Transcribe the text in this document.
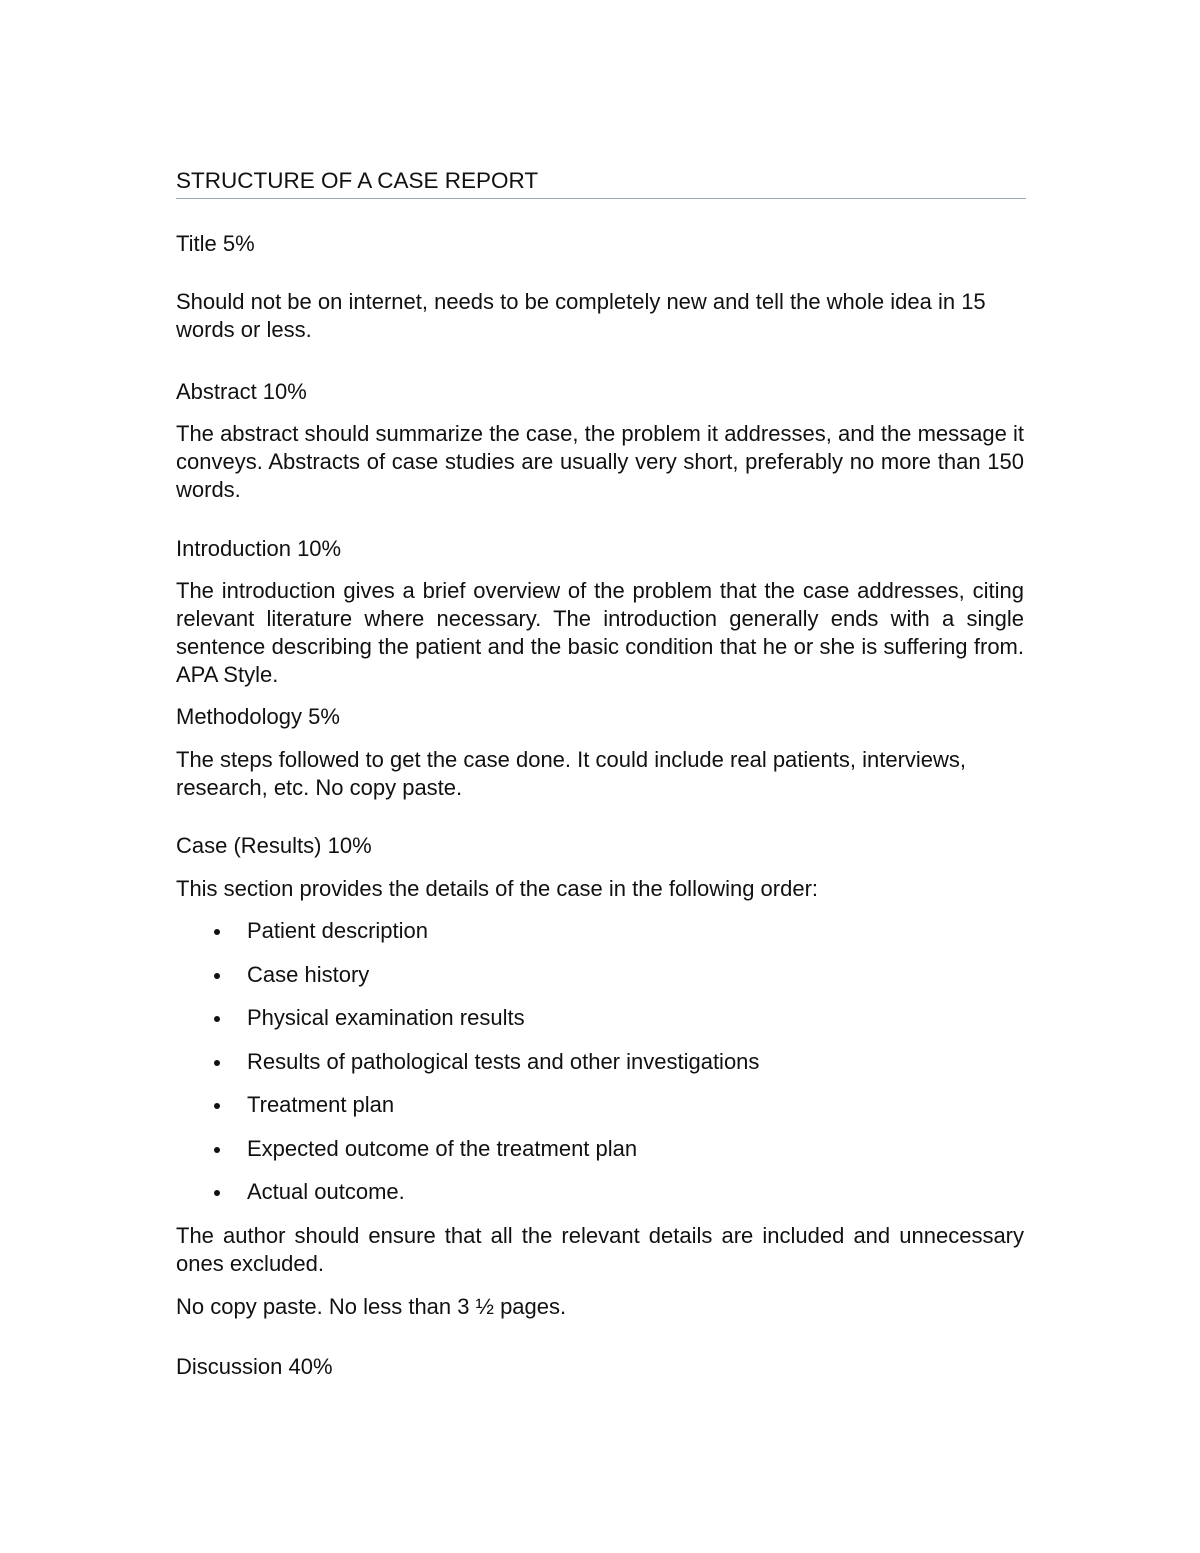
STRUCTURE OF A CASE REPORT
Title 5%
Should not be on internet, needs to be completely new and tell the whole idea in 15 words or less.
Abstract 10%
The abstract should summarize the case, the problem it addresses, and the message it conveys. Abstracts of case studies are usually very short, preferably no more than 150 words.
Introduction 10%
The introduction gives a brief overview of the problem that the case addresses, citing relevant literature where necessary. The introduction generally ends with a single sentence describing the patient and the basic condition that he or she is suffering from. APA Style.
Methodology 5%
The steps followed to get the case done. It could include real patients, interviews, research, etc. No copy paste.
Case (Results) 10%
This section provides the details of the case in the following order:
Patient description
Case history
Physical examination results
Results of pathological tests and other investigations
Treatment plan
Expected outcome of the treatment plan
Actual outcome.
The author should ensure that all the relevant details are included and unnecessary ones excluded.
No copy paste. No less than 3 ½ pages.
Discussion 40%
